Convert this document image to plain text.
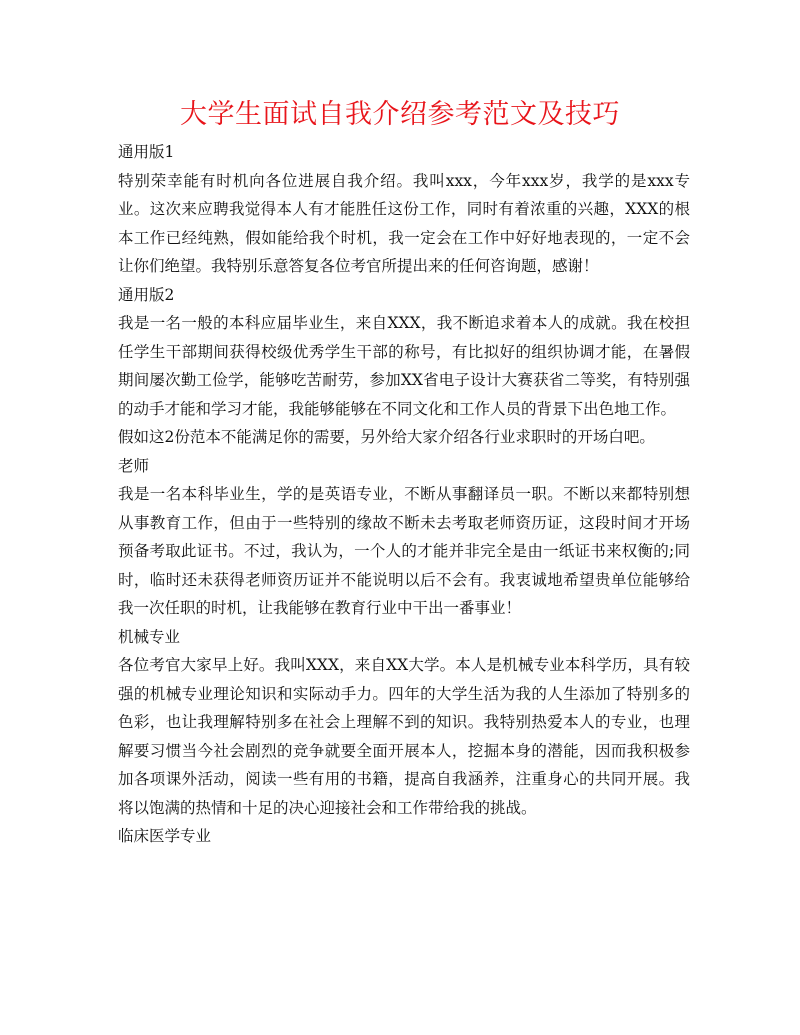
大学生面试自我介绍参考范文及技巧
通用版1
特别荣幸能有时机向各位进展自我介绍。我叫xxx，今年xxx岁，我学的是xxx专业。这次来应聘我觉得本人有才能胜任这份工作，同时有着浓重的兴趣，XXX的根本工作已经纯熟，假如能给我个时机，我一定会在工作中好好地表现的，一定不会让你们绝望。我特别乐意答复各位考官所提出来的任何咨询题，感谢！
通用版2
我是一名一般的本科应届毕业生，来自XXX，我不断追求着本人的成就。我在校担任学生干部期间获得校级优秀学生干部的称号，有比拟好的组织协调才能，在暑假期间屡次勤工俭学，能够吃苦耐劳，参加XX省电子设计大赛获省二等奖，有特别强的动手才能和学习才能，我能够能够在不同文化和工作人员的背景下出色地工作。
假如这2份范本不能满足你的需要，另外给大家介绍各行业求职时的开场白吧。
老师
我是一名本科毕业生，学的是英语专业，不断从事翻译员一职。不断以来都特别想从事教育工作，但由于一些特别的缘故不断未去考取老师资历证，这段时间才开场预备考取此证书。不过，我认为，一个人的才能并非完全是由一纸证书来权衡的;同时，临时还未获得老师资历证并不能说明以后不会有。我衷诚地希望贵单位能够给我一次任职的时机，让我能够在教育行业中干出一番事业！
机械专业
各位考官大家早上好。我叫XXX，来自XX大学。本人是机械专业本科学历，具有较强的机械专业理论知识和实际动手力。四年的大学生活为我的人生添加了特别多的色彩，也让我理解特别多在社会上理解不到的知识。我特别热爱本人的专业，也理解要习惯当今社会剧烈的竞争就要全面开展本人，挖掘本身的潜能，因而我积极参加各项课外活动，阅读一些有用的书籍，提高自我涵养，注重身心的共同开展。我将以饱满的热情和十足的决心迎接社会和工作带给我的挑战。
临床医学专业
